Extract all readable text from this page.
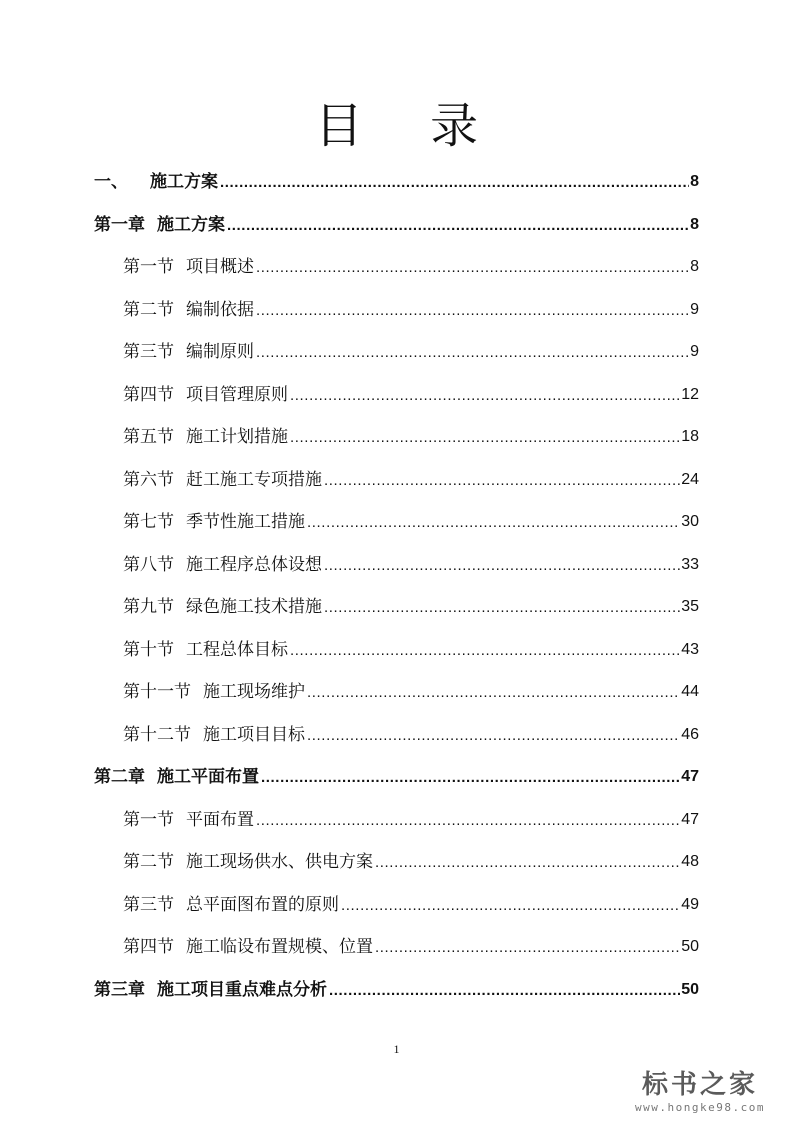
目 录
一、 施工方案 .....	8
第一章 施工方案 .....	8
第一节 项目概述 .....	8
第二节 编制依据 .....	9
第三节 编制原则 .....	9
第四节 项目管理原则 .....	12
第五节 施工计划措施 .....	18
第六节 赶工施工专项措施 .....	24
第七节 季节性施工措施 .....	30
第八节 施工程序总体设想 .....	33
第九节 绿色施工技术措施 .....	35
第十节 工程总体目标 .....	43
第十一节 施工现场维护 .....	44
第十二节 施工项目目标 .....	46
第二章 施工平面布置 .....	47
第一节 平面布置 .....	47
第二节 施工现场供水、供电方案 .....	48
第三节 总平面图布置的原则 .....	49
第四节 施工临设布置规模、位置 .....	50
第三章 施工项目重点难点分析 .....	50
1
标书之家
www.hongke98.com
